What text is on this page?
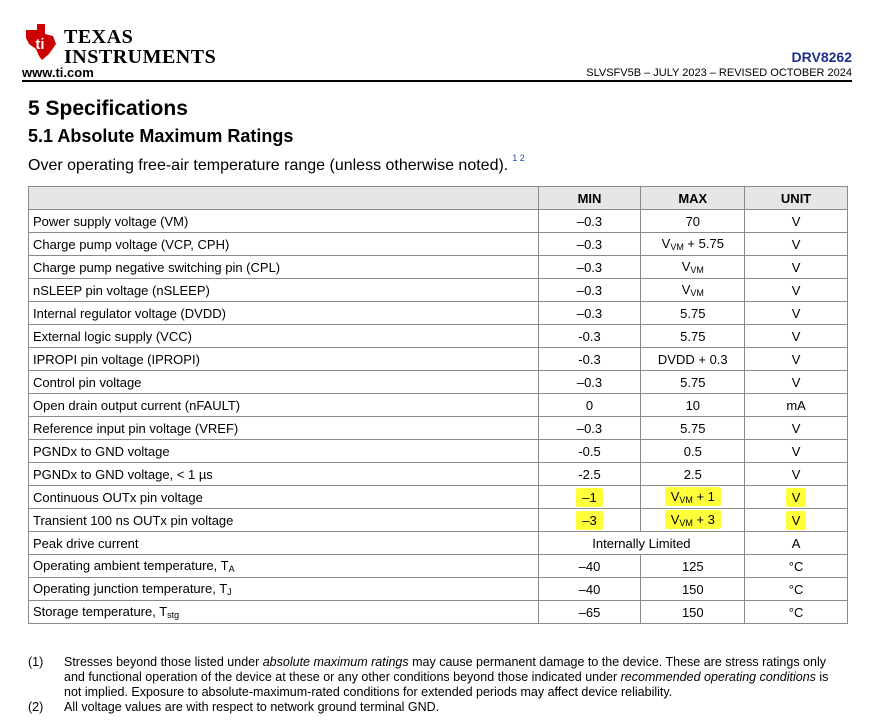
ti TEXAS
INSTRUMENTS
www.ti.com
DRV8262
SLVSFV5B – JULY 2023 – REVISED OCTOBER 2024
5 Specifications
5.1 Absolute Maximum Ratings
Over operating free-air temperature range (unless otherwise noted). $^{1 2}$
	MIN	MAX	UNIT
Power supply voltage (VM)	–0.3	70	V
Charge pump voltage (VCP, CPH)	–0.3	$V_{VM} + 5.75$	V
Charge pump negative switching pin (CPL)	–0.3	$V_{VM}$	V
nSLEEP pin voltage (nSLEEP)	–0.3	$V_{VM}$	V
Internal regulator voltage (DVDD)	–0.3	5.75	V
External logic supply (VCC)	-0.3	5.75	V
IPROPI pin voltage (IPROPI)	-0.3	DVDD + 0.3	V
Control pin voltage	–0.3	5.75	V
Open drain output current (nFAULT)	0	10	mA
Reference input pin voltage (VREF)	–0.3	5.75	V
PGNDx to GND voltage	-0.5	0.5	V
PGNDx to GND voltage, < 1 µs	-2.5	2.5	V
Continuous OUTx pin voltage	–1	$V_{VM} + 1$	V
Transient 100 ns OUTx pin voltage	–3	$V_{VM} + 3$	V
Peak drive current	Internally Limited		A
Operating ambient temperature, $T_A$	–40	125	°C
Operating junction temperature, $T_J$	–40	150	°C
Storage temperature, $T_{stg}$	–65	150	°C
(1)	Stresses beyond those listed under absolute maximum ratings may cause permanent damage to the device. These are stress ratings only and functional operation of the device at these or any other conditions beyond those indicated under recommended operating conditions is not implied. Exposure to absolute-maximum-rated conditions for extended periods may affect device reliability.
(2)	All voltage values are with respect to network ground terminal GND.
